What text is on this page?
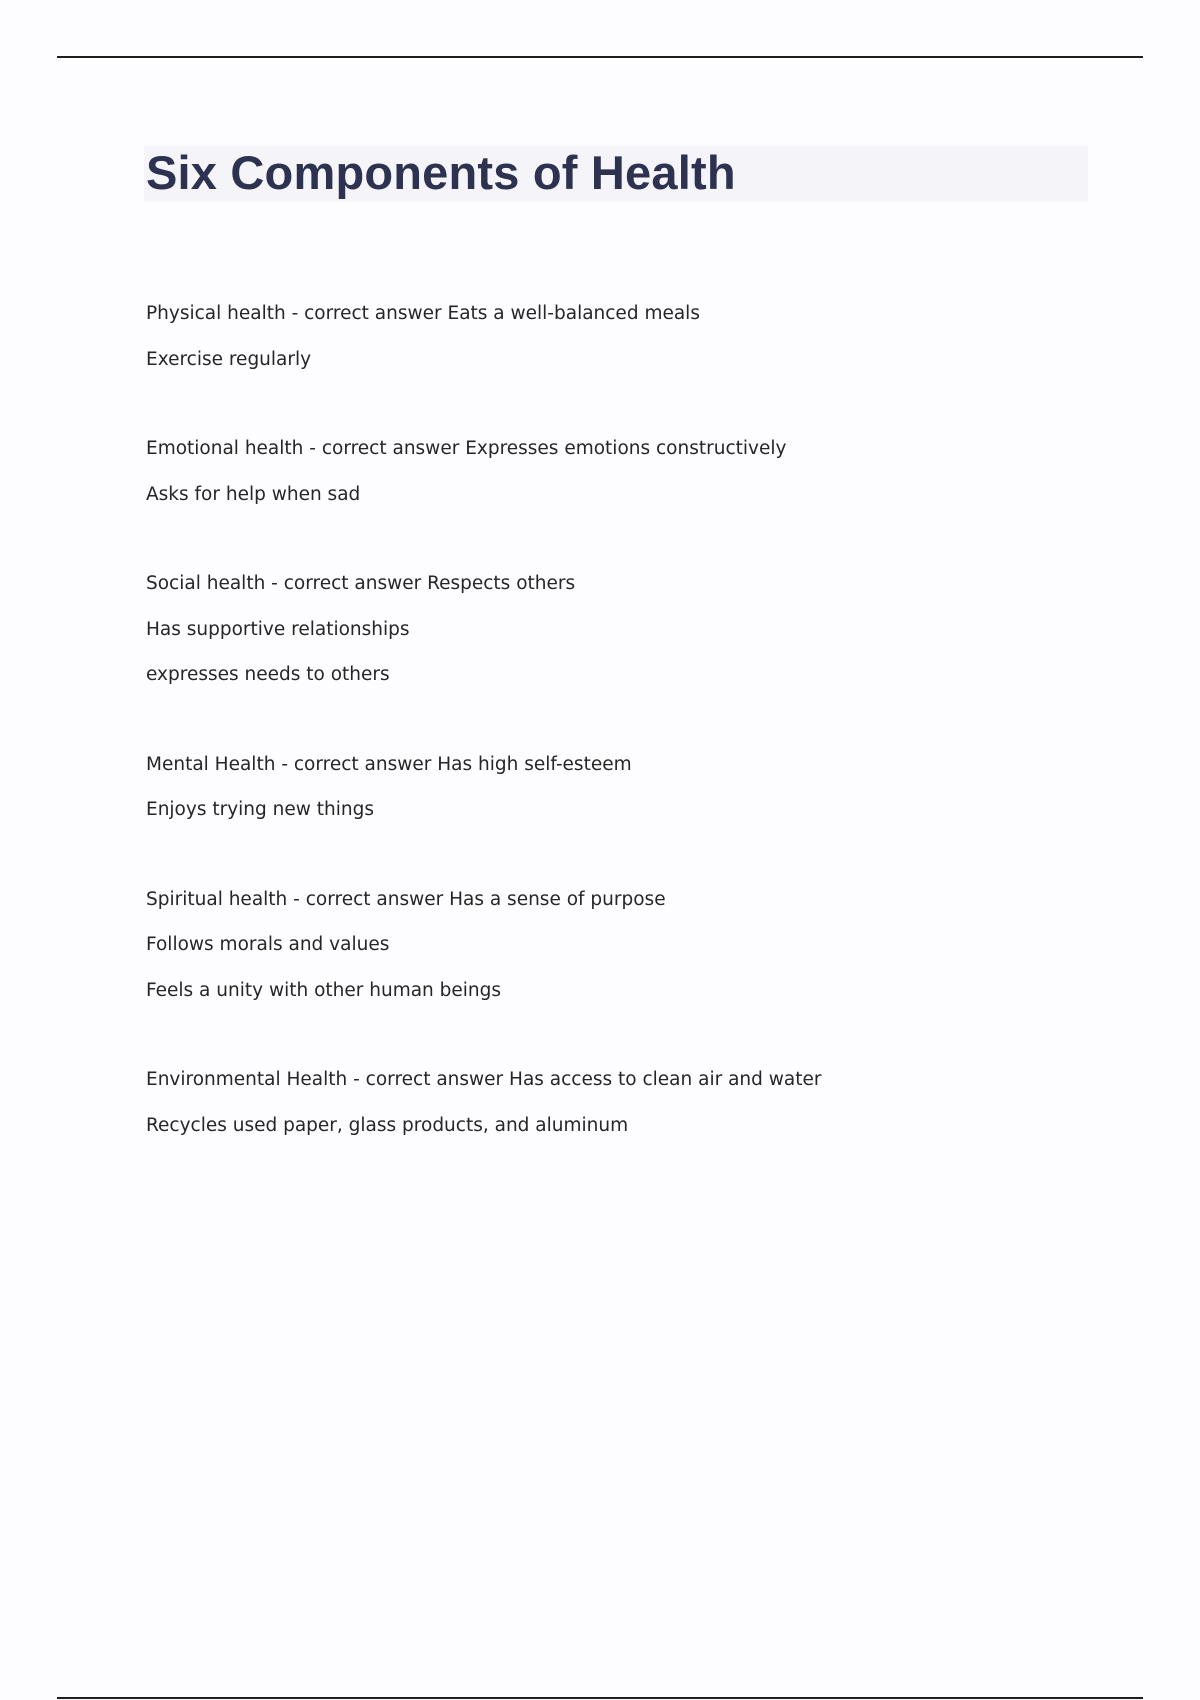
Six Components of Health
Physical health - correct answer Eats a well-balanced meals
Exercise regularly
Emotional health - correct answer Expresses emotions constructively
Asks for help when sad
Social health - correct answer Respects others
Has supportive relationships
expresses needs to others
Mental Health - correct answer Has high self-esteem
Enjoys trying new things
Spiritual health - correct answer Has a sense of purpose
Follows morals and values
Feels a unity with other human beings
Environmental Health - correct answer Has access to clean air and water
Recycles used paper, glass products, and aluminum
